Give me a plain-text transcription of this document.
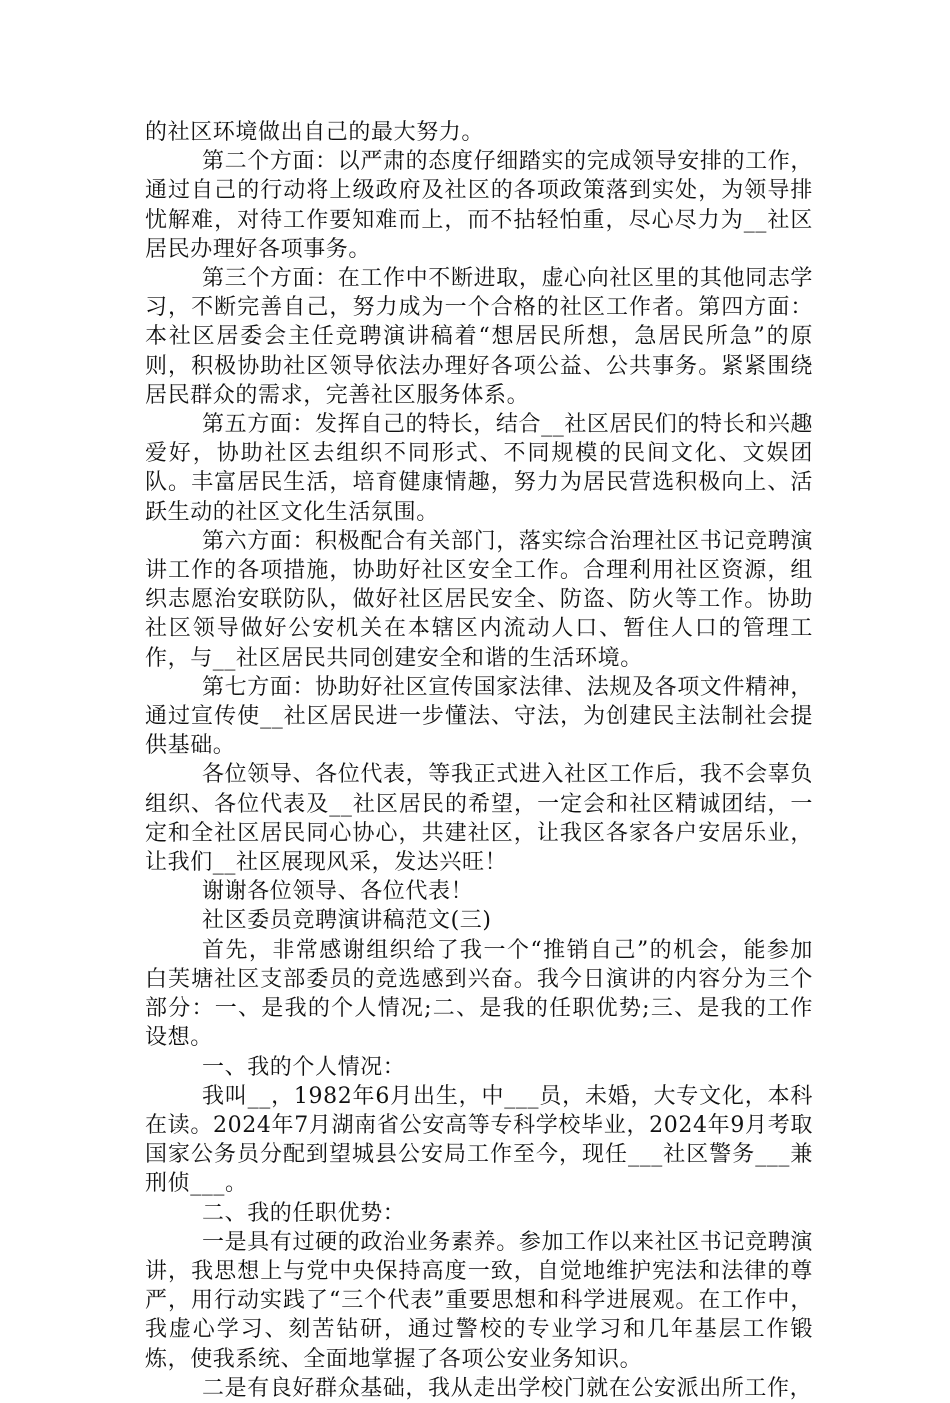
的社区环境做出自己的最大努力。

第二个方面：以严肃的态度仔细踏实的完成领导安排的工作，通过自己的行动将上级政府及社区的各项政策落到实处，为领导排忧解难，对待工作要知难而上，而不拈轻怕重，尽心尽力为__社区居民办理好各项事务。

第三个方面：在工作中不断进取，虚心向社区里的其他同志学习，不断完善自己，努力成为一个合格的社区工作者。第四方面：本社区居委会主任竞聘演讲稿着“想居民所想，急居民所急”的原则，积极协助社区领导依法办理好各项公益、公共事务。紧紧围绕居民群众的需求，完善社区服务体系。

第五方面：发挥自己的特长，结合__社区居民们的特长和兴趣爱好，协助社区去组织不同形式、不同规模的民间文化、文娱团队。丰富居民生活，培育健康情趣，努力为居民营选积极向上、活跃生动的社区文化生活氛围。

第六方面：积极配合有关部门，落实综合治理社区书记竞聘演讲工作的各项措施，协助好社区安全工作。合理利用社区资源，组织志愿治安联防队，做好社区居民安全、防盗、防火等工作。协助社区领导做好公安机关在本辖区内流动人口、暂住人口的管理工作，与__社区居民共同创建安全和谐的生活环境。

第七方面：协助好社区宣传国家法律、法规及各项文件精神，通过宣传使__社区居民进一步懂法、守法，为创建民主法制社会提供基础。

各位领导、各位代表，等我正式进入社区工作后，我不会辜负组织、各位代表及__社区居民的希望，一定会和社区精诚团结，一定和全社区居民同心协心，共建社区，让我区各家各户安居乐业，让我们__社区展现风采，发达兴旺！

谢谢各位领导、各位代表！

社区委员竞聘演讲稿范文(三)

首先，非常感谢组织给了我一个“推销自己”的机会，能参加白芙塘社区支部委员的竞选感到兴奋。我今日演讲的内容分为三个部分：一、是我的个人情况;二、是我的任职优势;三、是我的工作设想。

一、我的个人情况：

我叫__，1982年6月出生，中___员，未婚，大专文化，本科在读。2024年7月湖南省公安高等专科学校毕业，2024年9月考取国家公务员分配到望城县公安局工作至今，现任___社区警务___兼刑侦___。

二、我的任职优势：

一是具有过硬的政治业务素养。参加工作以来社区书记竞聘演讲，我思想上与党中央保持高度一致，自觉地维护宪法和法律的尊严，用行动实践了“三个代表”重要思想和科学进展观。在工作中，我虚心学习、刻苦钻研，通过警校的专业学习和几年基层工作锻炼，使我系统、全面地掌握了各项公安业务知识。

二是有良好群众基础，我从走出学校门就在公安派出所工作，
